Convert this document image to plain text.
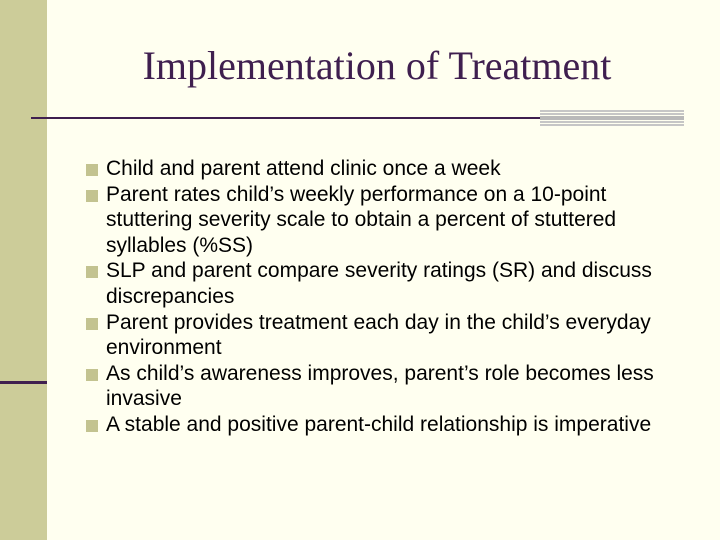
Implementation of Treatment
Child and parent attend clinic once a week
Parent rates child’s weekly performance on a 10-point stuttering severity scale to obtain a percent of stuttered syllables (%SS)
SLP and parent compare severity ratings (SR) and discuss discrepancies
Parent provides treatment each day in the child’s everyday environment
As child’s awareness improves, parent’s role becomes less invasive
A stable and positive parent-child relationship is imperative
